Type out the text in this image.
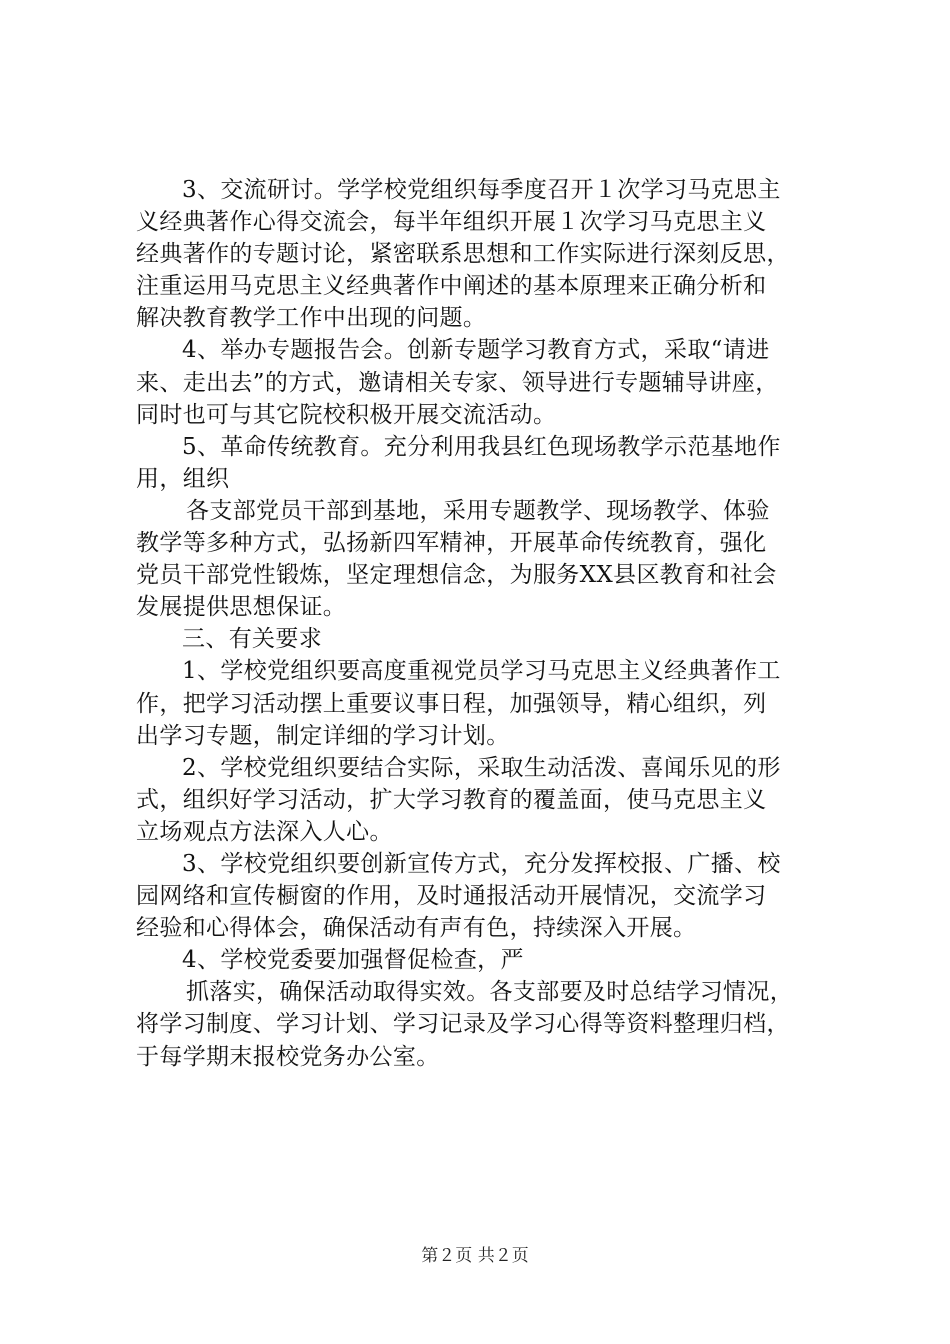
3、交流研讨。学学校党组织每季度召开１次学习马克思主
义经典著作心得交流会，每半年组织开展１次学习马克思主义
经典著作的专题讨论，紧密联系思想和工作实际进行深刻反思，
注重运用马克思主义经典著作中阐述的基本原理来正确分析和
解决教育教学工作中出现的问题。
4、举办专题报告会。创新专题学习教育方式，采取“请进
来、走出去”的方式，邀请相关专家、领导进行专题辅导讲座，
同时也可与其它院校积极开展交流活动。
5、革命传统教育。充分利用我县红色现场教学示范基地作
用，组织
各支部党员干部到基地，采用专题教学、现场教学、体验
教学等多种方式，弘扬新四军精神，开展革命传统教育，强化
党员干部党性锻炼，坚定理想信念，为服务XX县区教育和社会
发展提供思想保证。
三、有关要求
1、学校党组织要高度重视党员学习马克思主义经典著作工
作，把学习活动摆上重要议事日程，加强领导，精心组织，列
出学习专题，制定详细的学习计划。
2、学校党组织要结合实际，采取生动活泼、喜闻乐见的形
式，组织好学习活动，扩大学习教育的覆盖面，使马克思主义
立场观点方法深入人心。
3、学校党组织要创新宣传方式，充分发挥校报、广播、校
园网络和宣传橱窗的作用，及时通报活动开展情况，交流学习
经验和心得体会，确保活动有声有色，持续深入开展。
4、学校党委要加强督促检查，严
抓落实，确保活动取得实效。各支部要及时总结学习情况，
将学习制度、学习计划、学习记录及学习心得等资料整理归档，
于每学期末报校党务办公室。
第２页 共２页
